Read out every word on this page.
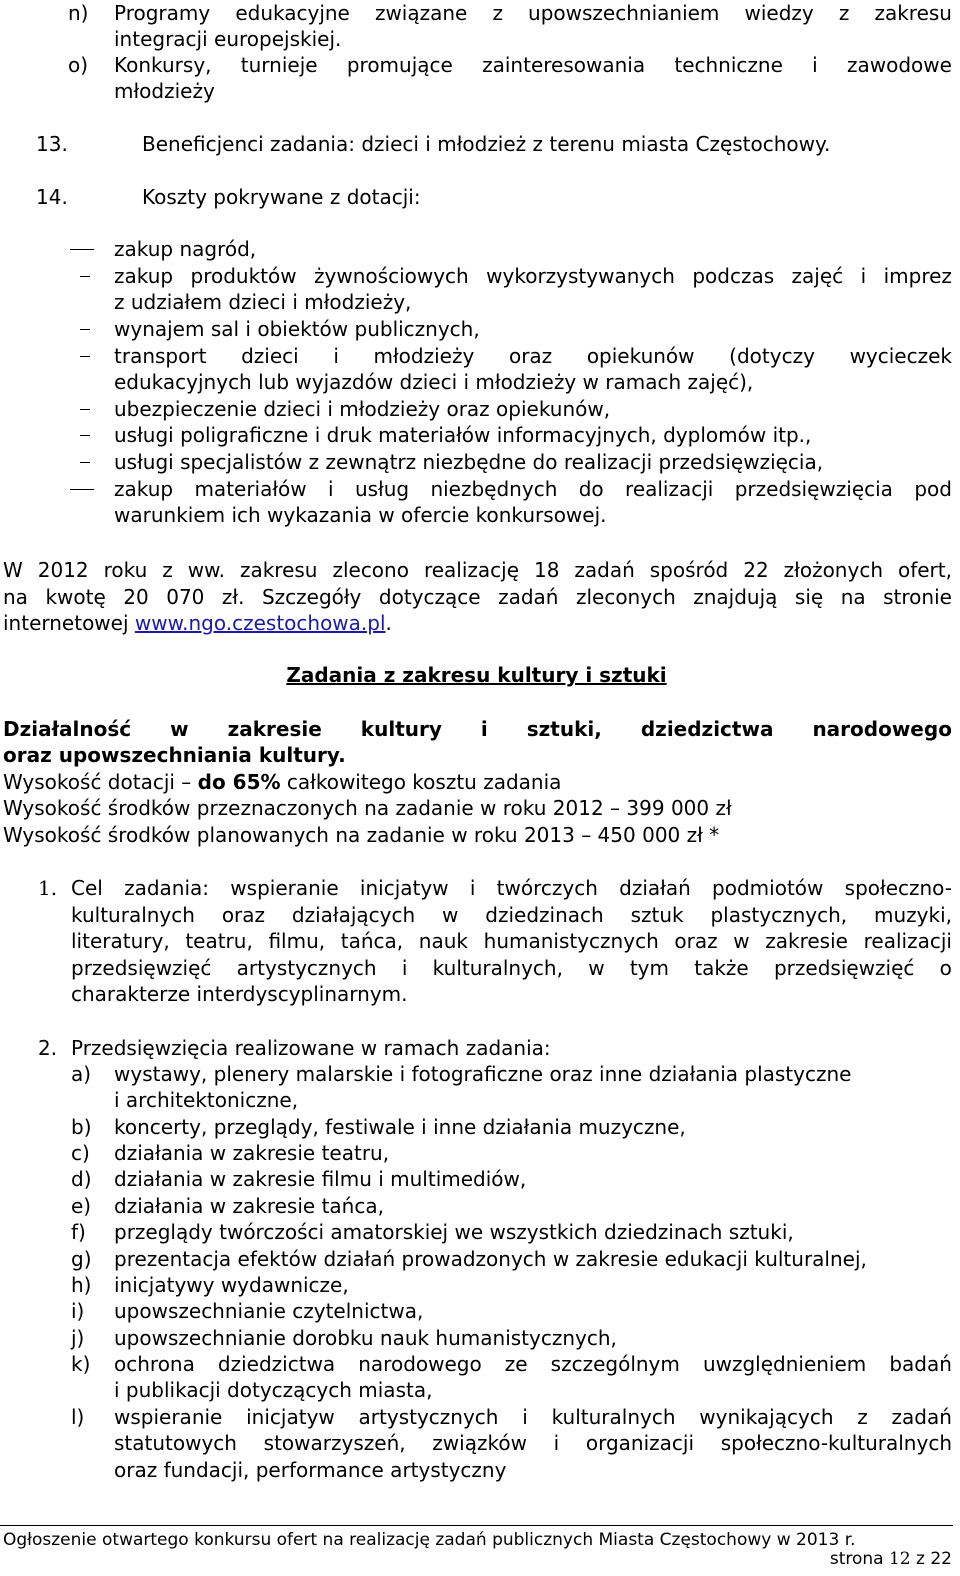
n) Programy edukacyjne związane z upowszechnianiem wiedzy z zakresu
integracji europejskiej.
o) Konkursy, turnieje promujące zainteresowania techniczne i zawodowe
młodzieży
13.	Beneficjenci zadania: dzieci i młodzież z terenu miasta Częstochowy.
14.	Koszty pokrywane z dotacji:
zakup nagród,
zakup produktów żywnościowych wykorzystywanych podczas zajęć i imprez
z udziałem dzieci i młodzieży,
wynajem sal i obiektów publicznych,
transport dzieci i młodzieży oraz opiekunów (dotyczy wycieczek
edukacyjnych lub wyjazdów dzieci i młodzieży w ramach zajęć),
ubezpieczenie dzieci i młodzieży oraz opiekunów,
usługi poligraficzne i druk materiałów informacyjnych, dyplomów itp.,
usługi specjalistów z zewnątrz niezbędne do realizacji przedsięwzięcia,
zakup materiałów i usług niezbędnych do realizacji przedsięwzięcia pod
warunkiem ich wykazania w ofercie konkursowej.
W 2012 roku z ww. zakresu zlecono realizację 18 zadań spośród 22 złożonych ofert,
na kwotę 20 070 zł. Szczegóły dotyczące zadań zleconych znajdują się na stronie
internetowej www.ngo.czestochowa.pl.
Zadania z zakresu kultury i sztuki
Działalność w zakresie kultury i sztuki, dziedzictwa narodowego
oraz upowszechniania kultury.
Wysokość dotacji – do 65% całkowitego kosztu zadania
Wysokość środków przeznaczonych na zadanie w roku 2012 – 399 000 zł
Wysokość środków planowanych na zadanie w roku 2013 – 450 000 zł *
1. Cel zadania: wspieranie inicjatyw i twórczych działań podmiotów społeczno-
kulturalnych oraz działających w dziedzinach sztuk plastycznych, muzyki,
literatury, teatru, filmu, tańca, nauk humanistycznych oraz w zakresie realizacji
przedsięwzięć artystycznych i kulturalnych, w tym także przedsięwzięć o
charakterze interdyscyplinarnym.
2. Przedsięwzięcia realizowane w ramach zadania:
a) wystawy, plenery malarskie i fotograficzne oraz inne działania plastyczne
i architektoniczne,
b) koncerty, przeglądy, festiwale i inne działania muzyczne,
c) działania w zakresie teatru,
d) działania w zakresie filmu i multimediów,
e) działania w zakresie tańca,
f) przeglądy twórczości amatorskiej we wszystkich dziedzinach sztuki,
g) prezentacja efektów działań prowadzonych w zakresie edukacji kulturalnej,
h) inicjatywy wydawnicze,
i) upowszechnianie czytelnictwa,
j) upowszechnianie dorobku nauk humanistycznych,
k) ochrona dziedzictwa narodowego ze szczególnym uwzględnieniem badań
i publikacji dotyczących miasta,
l) wspieranie inicjatyw artystycznych i kulturalnych wynikających z zadań
statutowych stowarzyszeń, związków i organizacji społeczno-kulturalnych
oraz fundacji, performance artystyczny
Ogłoszenie otwartego konkursu ofert na realizację zadań publicznych Miasta Częstochowy w 2013 r.
strona 12 z 22
